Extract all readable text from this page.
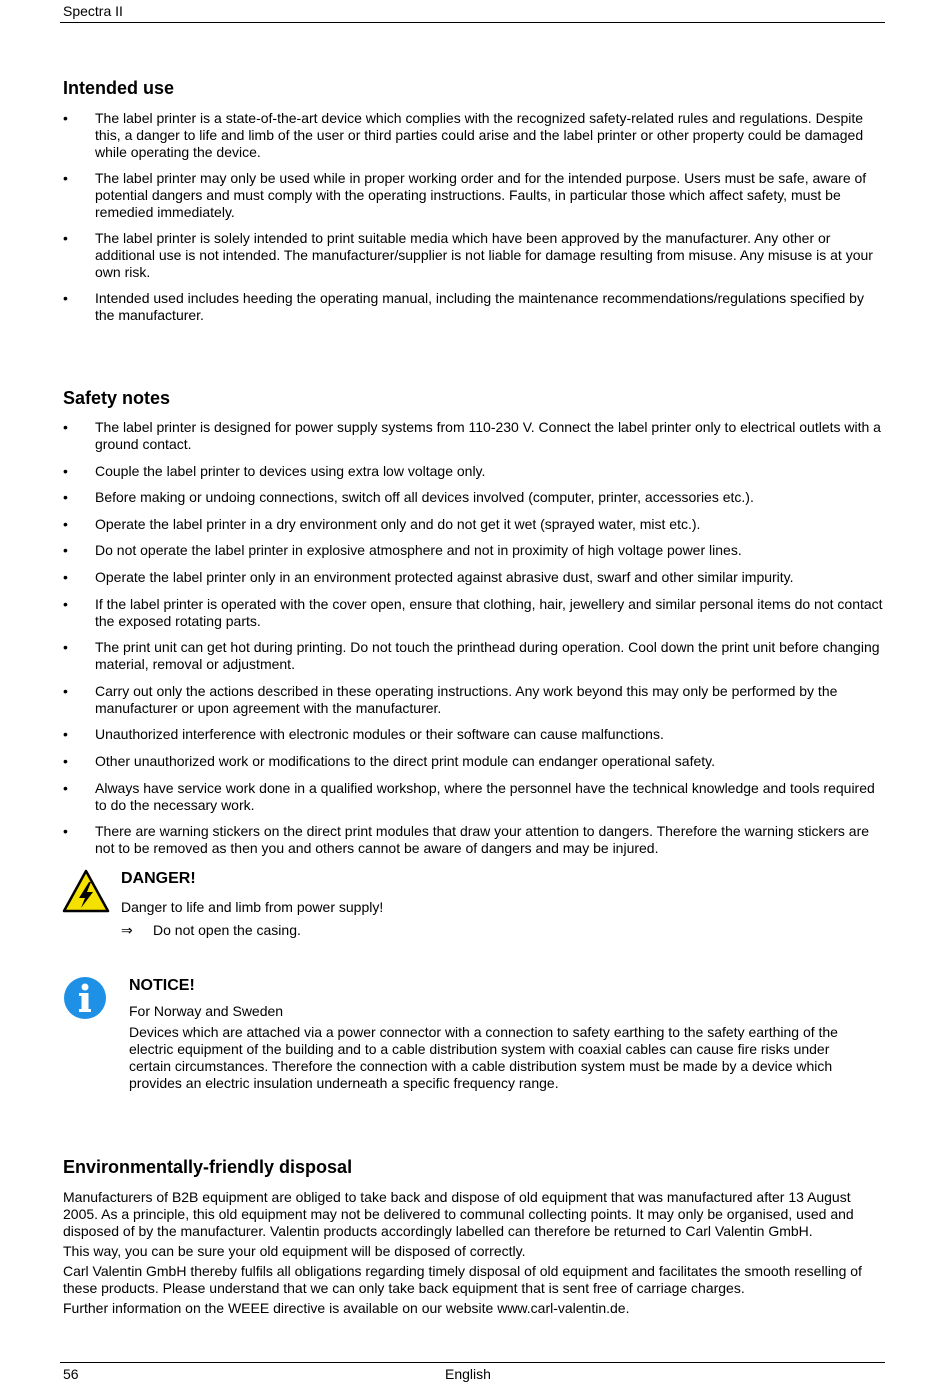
Spectra II
Intended use
• The label printer is a state-of-the-art device which complies with the recognized safety-related rules and regulations. Despite this, a danger to life and limb of the user or third parties could arise and the label printer or other property could be damaged while operating the device.
• The label printer may only be used while in proper working order and for the intended purpose. Users must be safe, aware of potential dangers and must comply with the operating instructions. Faults, in particular those which affect safety, must be remedied immediately.
• The label printer is solely intended to print suitable media which have been approved by the manufacturer. Any other or additional use is not intended. The manufacturer/supplier is not liable for damage resulting from misuse. Any misuse is at your own risk.
• Intended used includes heeding the operating manual, including the maintenance recommendations/regulations specified by the manufacturer.
Safety notes
• The label printer is designed for power supply systems from 110-230 V. Connect the label printer only to electrical outlets with a ground contact.
• Couple the label printer to devices using extra low voltage only.
• Before making or undoing connections, switch off all devices involved (computer, printer, accessories etc.).
• Operate the label printer in a dry environment only and do not get it wet (sprayed water, mist etc.).
• Do not operate the label printer in explosive atmosphere and not in proximity of high voltage power lines.
• Operate the label printer only in an environment protected against abrasive dust, swarf and other similar impurity.
• If the label printer is operated with the cover open, ensure that clothing, hair, jewellery and similar personal items do not contact the exposed rotating parts.
• The print unit can get hot during printing. Do not touch the printhead during operation. Cool down the print unit before changing material, removal or adjustment.
• Carry out only the actions described in these operating instructions. Any work beyond this may only be performed by the manufacturer or upon agreement with the manufacturer.
• Unauthorized interference with electronic modules or their software can cause malfunctions.
• Other unauthorized work or modifications to the direct print module can endanger operational safety.
• Always have service work done in a qualified workshop, where the personnel have the technical knowledge and tools required to do the necessary work.
• There are warning stickers on the direct print modules that draw your attention to dangers. Therefore the warning stickers are not to be removed as then you and others cannot be aware of dangers and may be injured.
DANGER!
Danger to life and limb from power supply!
⇒ Do not open the casing.
NOTICE!
For Norway and Sweden

Devices which are attached via a power connector with a connection to safety earthing to the safety earthing of the electric equipment of the building and to a cable distribution system with coaxial cables can cause fire risks under certain circumstances. Therefore the connection with a cable distribution system must be made by a device which provides an electric insulation underneath a specific frequency range.

Environmentally-friendly disposal

Manufacturers of B2B equipment are obliged to take back and dispose of old equipment that was manufactured after 13 August 2005. As a principle, this old equipment may not be delivered to communal collecting points. It may only be organised, used and disposed of by the manufacturer. Valentin products accordingly labelled can therefore be returned to Carl Valentin GmbH.

This way, you can be sure your old equipment will be disposed of correctly.

Carl Valentin GmbH thereby fulfils all obligations regarding timely disposal of old equipment and facilitates the smooth reselling of these products. Please understand that we can only take back equipment that is sent free of carriage charges.

Further information on the WEEE directive is available on our website www.carl-valentin.de.

56	English
